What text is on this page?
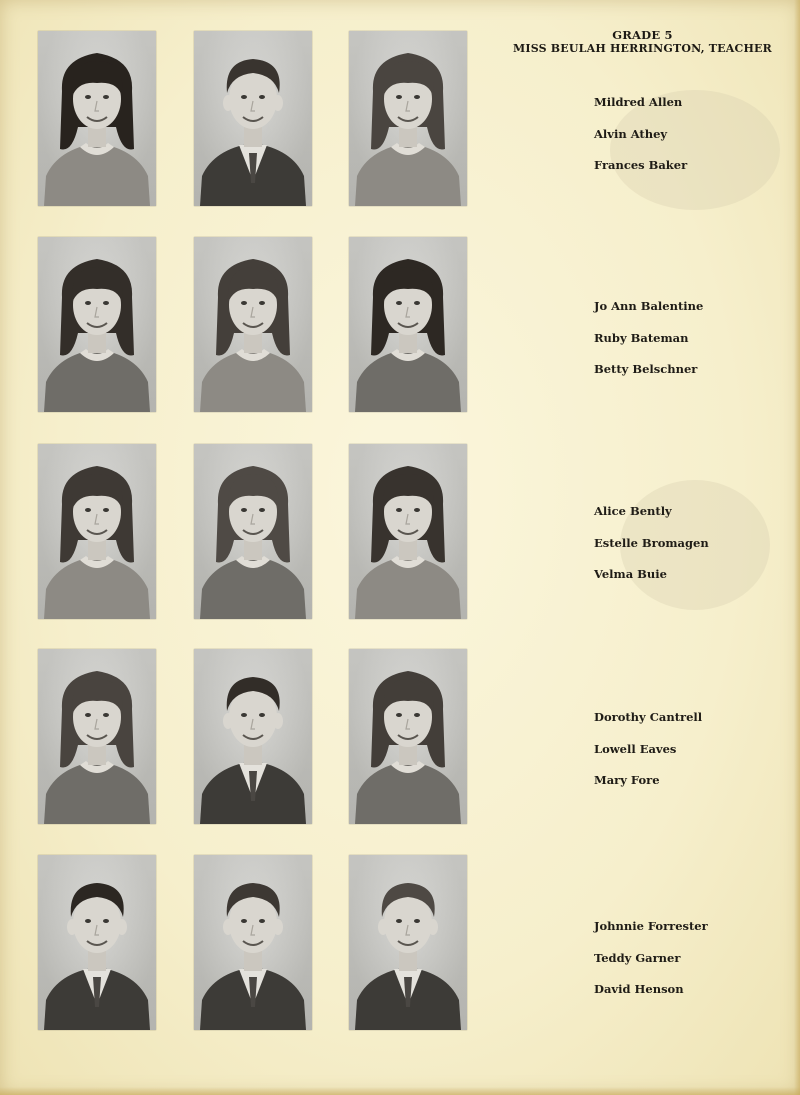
GRADE 5
MISS BEULAH HERRINGTON, TEACHER
Mildred Allen
Alvin Athey
Frances Baker
Jo Ann Balentine
Ruby Bateman
Betty Belschner
Alice Bently
Estelle Bromagen
Velma Buie
Dorothy Cantrell
Lowell Eaves
Mary Fore
Johnnie Forrester
Teddy Garner
David Henson
